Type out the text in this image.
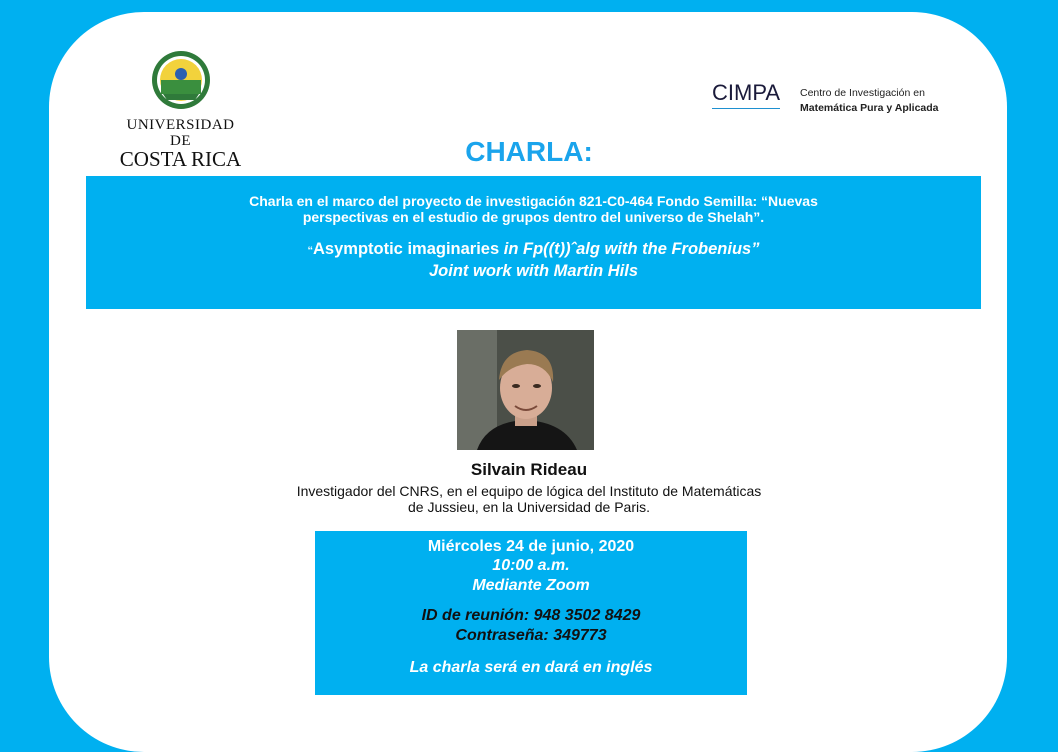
UNIVERSIDAD DE
COSTA RICA
CIMPA Centro de Investigación en
Matemática Pura y Aplicada
CHARLA:
Charla en el marco del proyecto de investigación 821-C0-464 Fondo Semilla: “Nuevas perspectivas en el estudio de grupos dentro del universo de Shelah”.
“Asymptotic imaginaries in Fp((t))ˆalg with the Frobenius”
Joint work with Martin Hils
Silvain Rideau
Investigador del CNRS, en el equipo de lógica del Instituto de Matemáticas
de Jussieu, en la Universidad de Paris.
Miércoles 24 de junio, 2020
10:00 a.m.
Mediante Zoom
ID de reunión: 948 3502 8429
Contraseña: 349773
La charla será en dará en inglés
